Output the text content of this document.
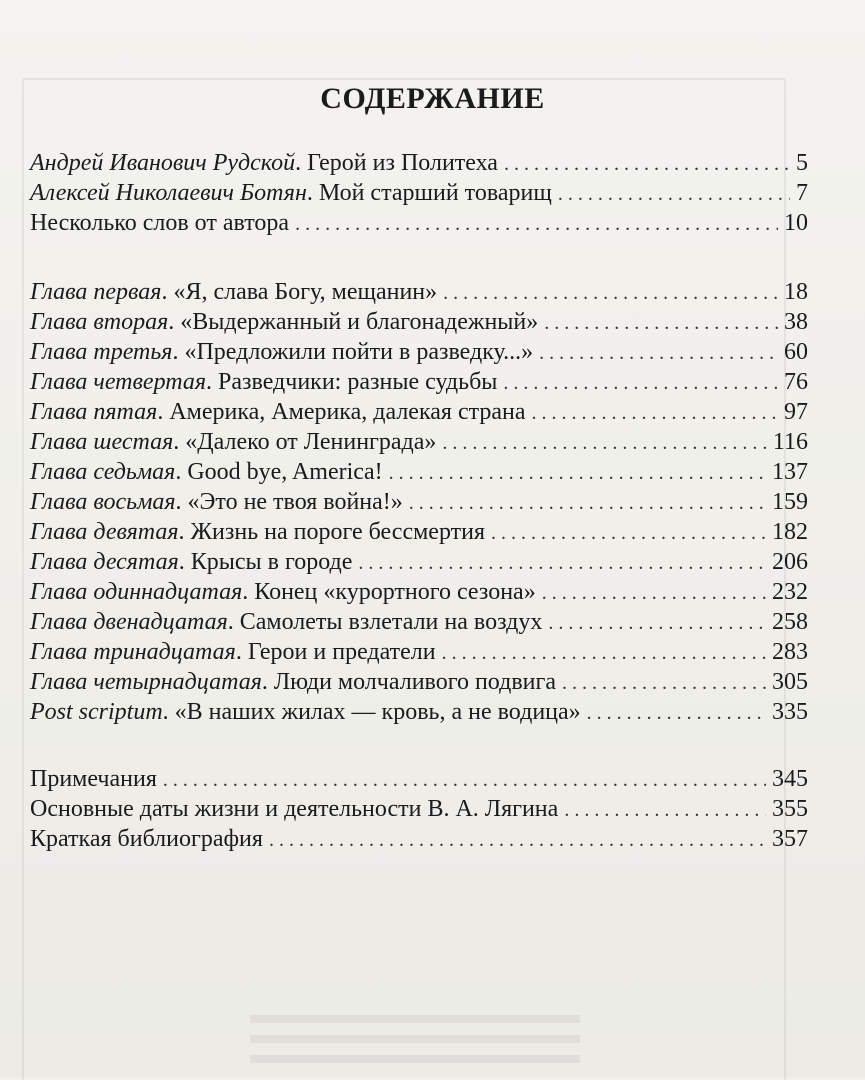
СОДЕРЖАНИЕ
Андрей Иванович Рудской. Герой из Политеха . . .	5
Алексей Николаевич Ботян. Мой старший товарищ . . .	7
Несколько слов от автора . . .	10
Глава первая. «Я, слава Богу, мещанин» . . .	18
Глава вторая. «Выдержанный и благонадежный» . . .	38
Глава третья. «Предложили пойти в разведку...» . . .	60
Глава четвертая. Разведчики: разные судьбы . . .	76
Глава пятая. Америка, Америка, далекая страна . . .	97
Глава шестая. «Далеко от Ленинграда» . . .	116
Глава седьмая. Good bye, America! . . .	137
Глава восьмая. «Это не твоя война!» . . .	159
Глава девятая. Жизнь на пороге бессмертия . . .	182
Глава десятая. Крысы в городе . . .	206
Глава одиннадцатая. Конец «курортного сезона» . . .	232
Глава двенадцатая. Самолеты взлетали на воздух . . .	258
Глава тринадцатая. Герои и предатели . . .	283
Глава четырнадцатая. Люди молчаливого подвига . . .	305
Post scriptum. «В наших жилах — кровь, а не водица» . . .	335
Примечания . . .	345
Основные даты жизни и деятельности В. А. Лягина . . .	355
Краткая библиография . . .	357
